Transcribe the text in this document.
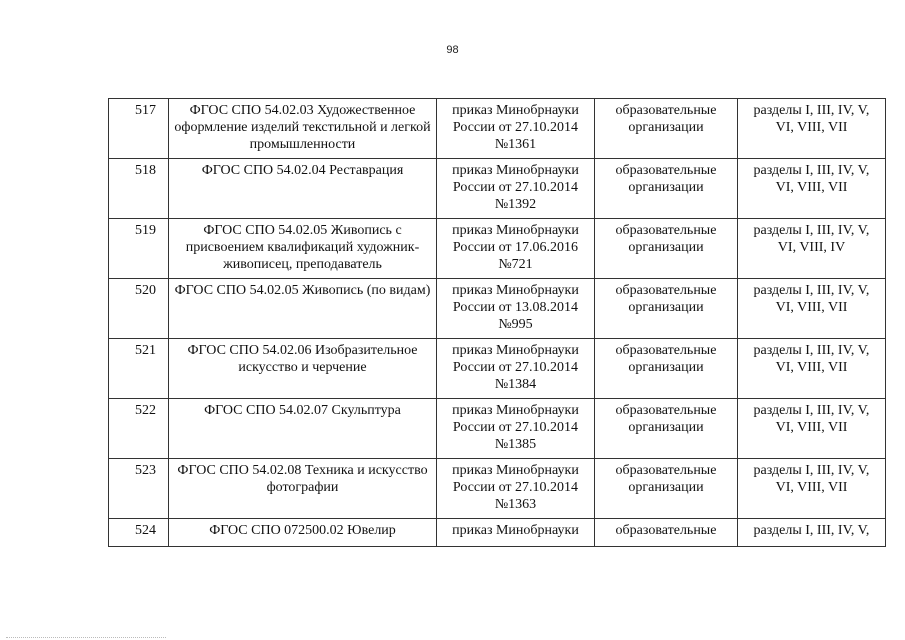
98
517	ФГОС СПО 54.02.03 Художественное оформление изделий текстильной и легкой промышленности	приказ Минобрнауки
России от 27.10.2014
№1361	образовательные организации	разделы I, III, IV, V, VI, VIII, VII
518	ФГОС СПО 54.02.04 Реставрация	приказ Минобрнауки
России от 27.10.2014
№1392	образовательные организации	разделы I, III, IV, V, VI, VIII, VII
519	ФГОС СПО 54.02.05 Живопись с присвоением квалификаций художник-живописец, преподаватель	приказ Минобрнауки
России от 17.06.2016
№721	образовательные организации	разделы I, III, IV, V, VI, VIII, IV
520	ФГОС СПО 54.02.05 Живопись (по видам)	приказ Минобрнауки
России от 13.08.2014
№995	образовательные организации	разделы I, III, IV, V, VI, VIII, VII
521	ФГОС СПО 54.02.06 Изобразительное искусство и черчение	приказ Минобрнауки
России от 27.10.2014
№1384	образовательные организации	разделы I, III, IV, V, VI, VIII, VII
522	ФГОС СПО 54.02.07 Скульптура	приказ Минобрнауки
России от 27.10.2014
№1385	образовательные организации	разделы I, III, IV, V, VI, VIII, VII
523	ФГОС СПО 54.02.08 Техника и искусство фотографии	приказ Минобрнауки
России от 27.10.2014
№1363	образовательные организации	разделы I, III, IV, V, VI, VIII, VII
524	ФГОС СПО 072500.02 Ювелир	приказ Минобрнауки	образовательные	разделы I, III, IV, V,
